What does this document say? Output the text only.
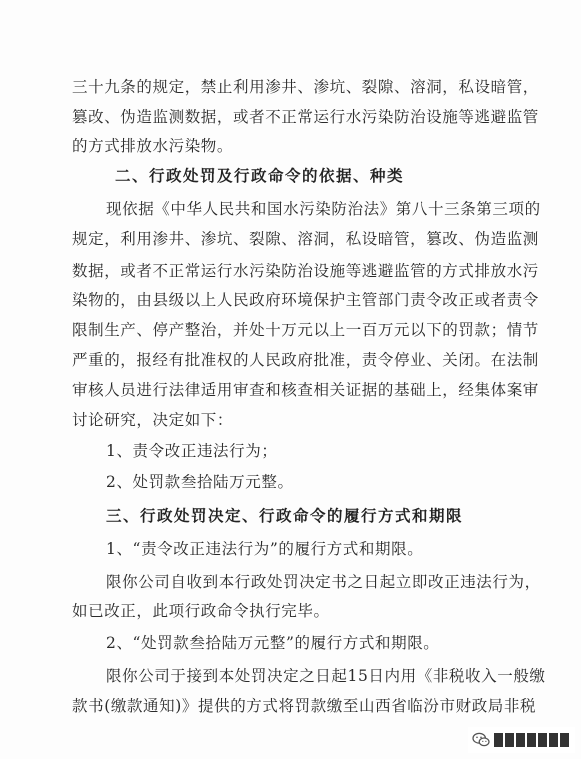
三十九条的规定，禁止利用渗井、渗坑、裂隙、溶洞，私设暗管，
篡改、伪造监测数据，或者不正常运行水污染防治设施等逃避监管
的方式排放水污染物。
二、行政处罚及行政命令的依据、种类
现依据《中华人民共和国水污染防治法》第八十三条第三项的
规定，利用渗井、渗坑、裂隙、溶洞，私设暗管，篡改、伪造监测
数据，或者不正常运行水污染防治设施等逃避监管的方式排放水污
染物的，由县级以上人民政府环境保护主管部门责令改正或者责令
限制生产、停产整治，并处十万元以上一百万元以下的罚款；情节
严重的，报经有批准权的人民政府批准，责令停业、关闭。在法制
审核人员进行法律适用审查和核查相关证据的基础上，经集体案审
讨论研究，决定如下：
1、责令改正违法行为；
2、处罚款叁拾陆万元整。
三、行政处罚决定、行政命令的履行方式和期限
1、“责令改正违法行为”的履行方式和期限。
限你公司自收到本行政处罚决定书之日起立即改正违法行为，
如已改正，此项行政命令执行完毕。
2、“处罚款叁拾陆万元整”的履行方式和期限。
限你公司于接到本处罚决定之日起15日内用《非税收入一般缴
款书(缴款通知)》提供的方式将罚款缴至山西省临汾市财政局非税
